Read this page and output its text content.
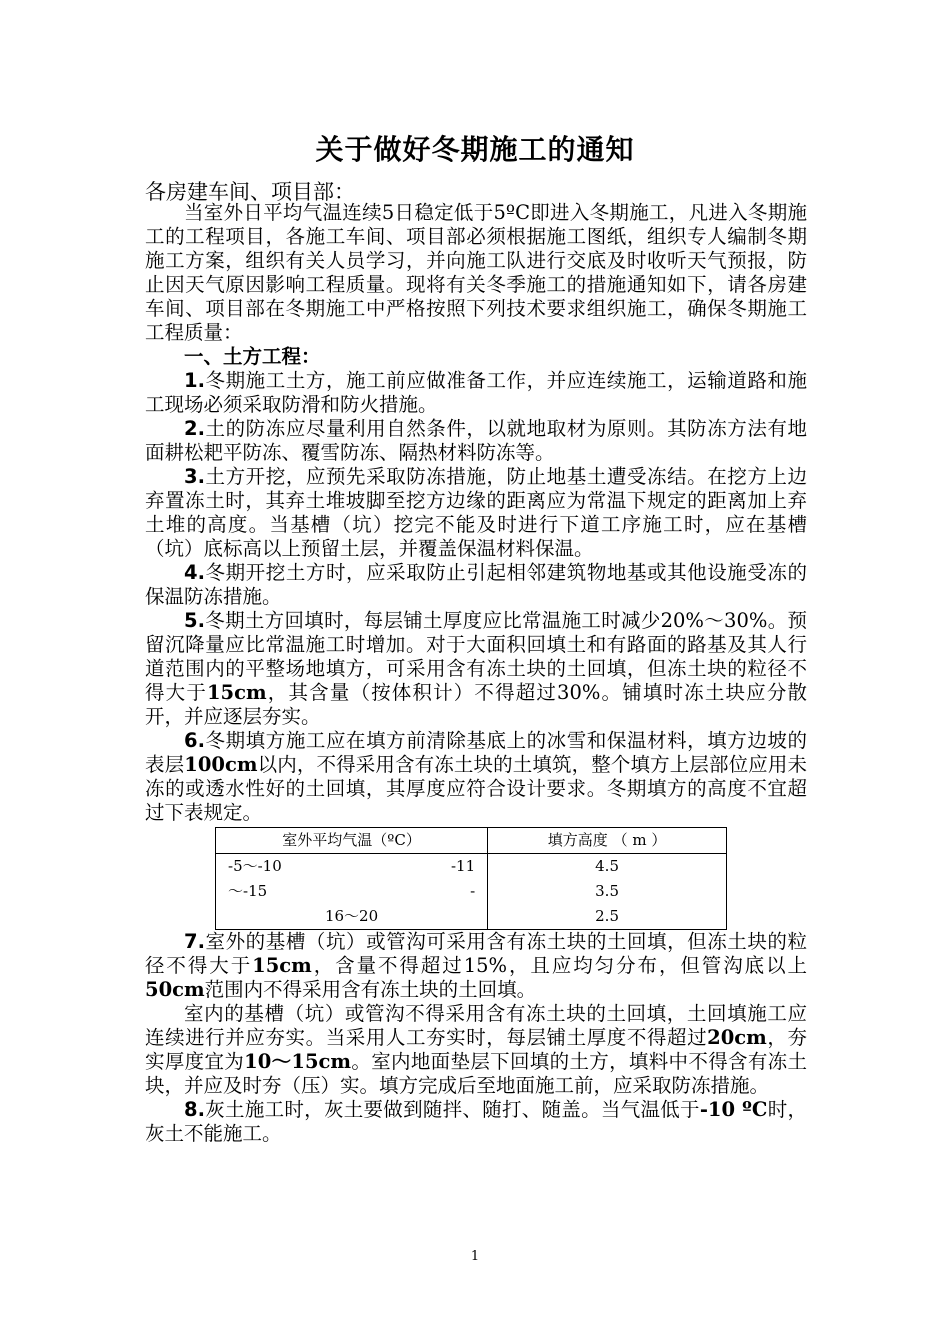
关于做好冬期施工的通知
各房建车间、项目部：

当室外日平均气温连续5日稳定低于5ºC即进入冬期施工，凡进入冬期施工的工程项目，各施工车间、项目部必须根据施工图纸，组织专人编制冬期施工方案，组织有关人员学习，并向施工队进行交底及时收听天气预报，防止因天气原因影响工程质量。现将有关冬季施工的措施通知如下，请各房建车间、项目部在冬期施工中严格按照下列技术要求组织施工，确保冬期施工工程质量：

一、土方工程：

1.冬期施工土方，施工前应做准备工作，并应连续施工，运输道路和施工现场必须采取防滑和防火措施。

2.土的防冻应尽量利用自然条件，以就地取材为原则。其防冻方法有地面耕松耙平防冻、覆雪防冻、隔热材料防冻等。

3.土方开挖，应预先采取防冻措施，防止地基土遭受冻结。在挖方上边弃置冻土时，其弃土堆坡脚至挖方边缘的距离应为常温下规定的距离加上弃土堆的高度。当基槽（坑）挖完不能及时进行下道工序施工时，应在基槽（坑）底标高以上预留土层，并覆盖保温材料保温。

4.冬期开挖土方时，应采取防止引起相邻建筑物地基或其他设施受冻的保温防冻措施。

5.冬期土方回填时，每层铺土厚度应比常温施工时减少20%～30%。预留沉降量应比常温施工时增加。对于大面积回填土和有路面的路基及其人行道范围内的平整场地填方，可采用含有冻土块的土回填，但冻土块的粒径不得大于15cm，其含量（按体积计）不得超过30%。铺填时冻土块应分散开，并应逐层夯实。

6.冬期填方施工应在填方前清除基底上的冰雪和保温材料，填方边坡的表层100cm以内，不得采用含有冻土块的土填筑，整个填方上层部位应用未冻的或透水性好的土回填，其厚度应符合设计要求。冬期填方的高度不宜超过下表规定。

室外平均气温（ºC）	填方高度 （ m ）

-5～-10 -11	4.5

～-15 -	3.5
16～20	2.5

7.室外的基槽（坑）或管沟可采用含有冻土块的土回填，但冻土块的粒径不得大于15cm，含量不得超过15%，且应均匀分布，但管沟底以上50cm范围内不得采用含有冻土块的土回填。

室内的基槽（坑）或管沟不得采用含有冻土块的土回填，土回填施工应连续进行并应夯实。当采用人工夯实时，每层铺土厚度不得超过20cm，夯实厚度宜为10～15cm。室内地面垫层下回填的土方，填料中不得含有冻土块，并应及时夯（压）实。填方完成后至地面施工前，应采取防冻措施。

8.灰土施工时，灰土要做到随拌、随打、随盖。当气温低于-10 ºC时，灰土不能施工。

1
